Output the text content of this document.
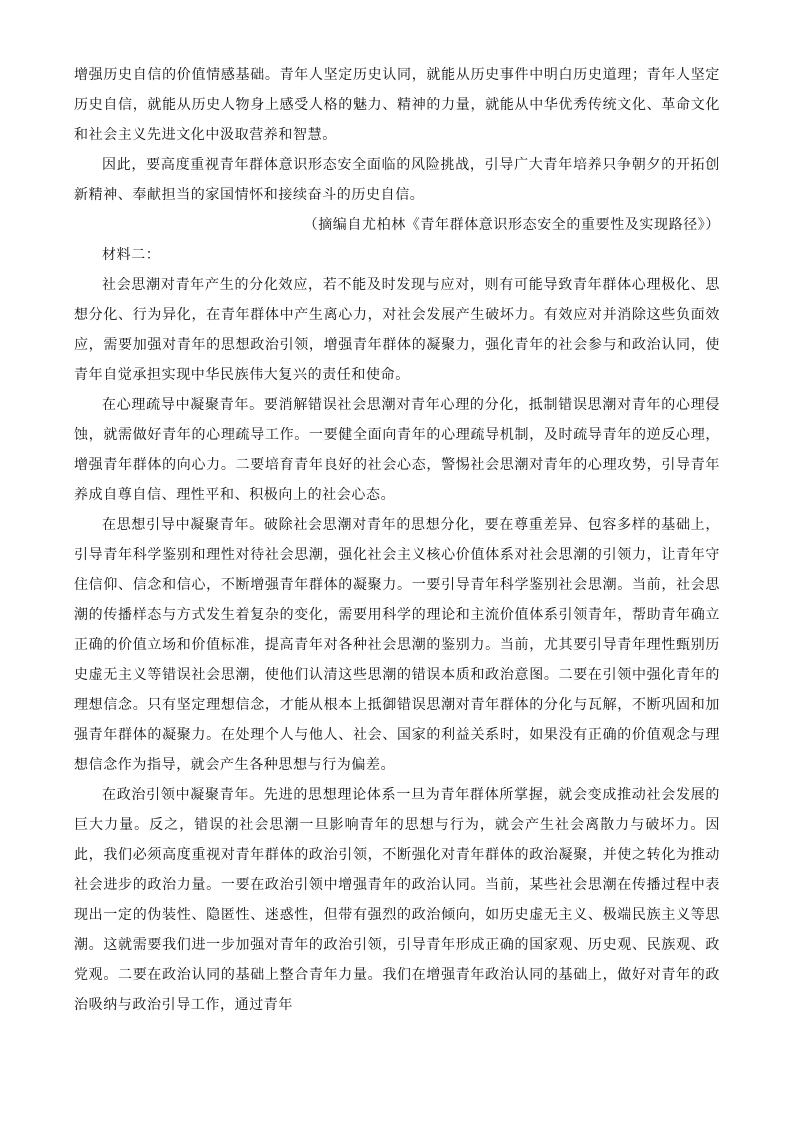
增强历史自信的价值情感基础。青年人坚定历史认同，就能从历史事件中明白历史道理；青年人坚定历史自信，就能从历史人物身上感受人格的魅力、精神的力量，就能从中华优秀传统文化、革命文化和社会主义先进文化中汲取营养和智慧。

因此，要高度重视青年群体意识形态安全面临的风险挑战，引导广大青年培养只争朝夕的开拓创新精神、奉献担当的家国情怀和接续奋斗的历史自信。

（摘编自尤柏林《青年群体意识形态安全的重要性及实现路径》）

材料二：

社会思潮对青年产生的分化效应，若不能及时发现与应对，则有可能导致青年群体心理极化、思想分化、行为异化，在青年群体中产生离心力，对社会发展产生破坏力。有效应对并消除这些负面效应，需要加强对青年的思想政治引领，增强青年群体的凝聚力，强化青年的社会参与和政治认同，使青年自觉承担实现中华民族伟大复兴的责任和使命。

在心理疏导中凝聚青年。要消解错误社会思潮对青年心理的分化，抵制错误思潮对青年的心理侵蚀，就需做好青年的心理疏导工作。一要健全面向青年的心理疏导机制，及时疏导青年的逆反心理，增强青年群体的向心力。二要培育青年良好的社会心态，警惕社会思潮对青年的心理攻势，引导青年养成自尊自信、理性平和、积极向上的社会心态。

在思想引导中凝聚青年。破除社会思潮对青年的思想分化，要在尊重差异、包容多样的基础上，引导青年科学鉴别和理性对待社会思潮，强化社会主义核心价值体系对社会思潮的引领力，让青年守住信仰、信念和信心，不断增强青年群体的凝聚力。一要引导青年科学鉴别社会思潮。当前，社会思潮的传播样态与方式发生着复杂的变化，需要用科学的理论和主流价值体系引领青年，帮助青年确立正确的价值立场和价值标准，提高青年对各种社会思潮的鉴别力。当前，尤其要引导青年理性甄别历史虚无主义等错误社会思潮，使他们认清这些思潮的错误本质和政治意图。二要在引领中强化青年的理想信念。只有坚定理想信念，才能从根本上抵御错误思潮对青年群体的分化与瓦解，不断巩固和加强青年群体的凝聚力。在处理个人与他人、社会、国家的利益关系时，如果没有正确的价值观念与理想信念作为指导，就会产生各种思想与行为偏差。

在政治引领中凝聚青年。先进的思想理论体系一旦为青年群体所掌握，就会变成推动社会发展的巨大力量。反之，错误的社会思潮一旦影响青年的思想与行为，就会产生社会离散力与破坏力。因此，我们必须高度重视对青年群体的政治引领，不断强化对青年群体的政治凝聚，并使之转化为推动社会进步的政治力量。一要在政治引领中增强青年的政治认同。当前，某些社会思潮在传播过程中表现出一定的伪装性、隐匿性、迷惑性，但带有强烈的政治倾向，如历史虚无主义、极端民族主义等思潮。这就需要我们进一步加强对青年的政治引领，引导青年形成正确的国家观、历史观、民族观、政党观。二要在政治认同的基础上整合青年力量。我们在增强青年政治认同的基础上，做好对青年的政治吸纳与政治引导工作，通过青年
